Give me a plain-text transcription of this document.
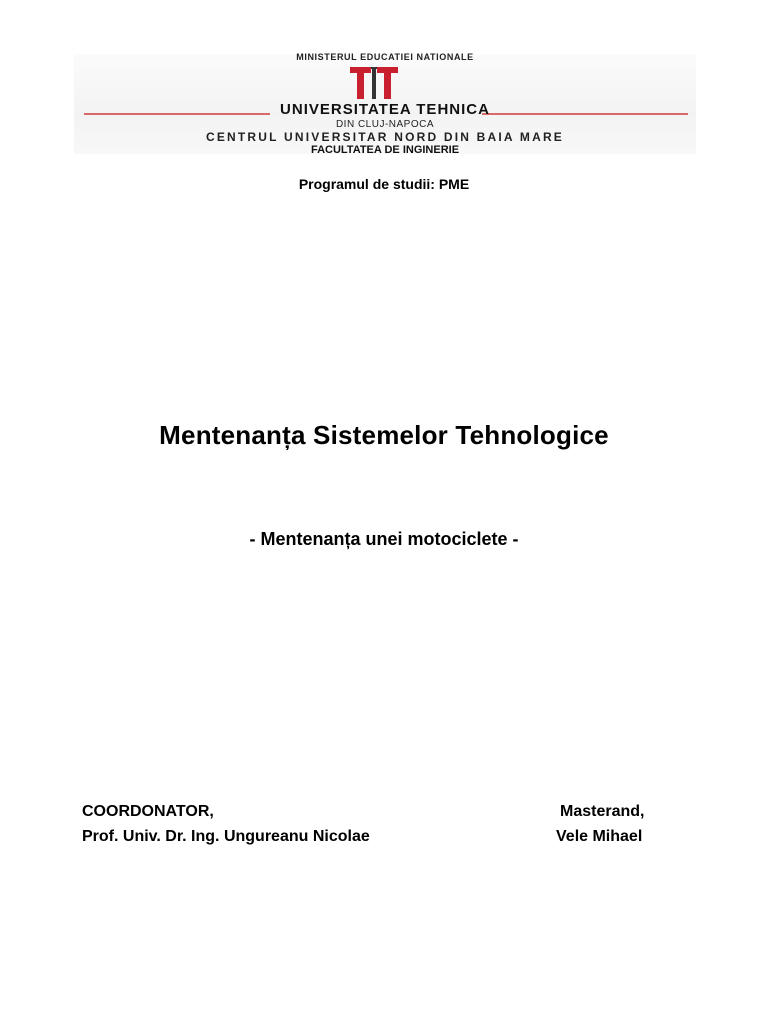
MINISTERUL EDUCATIEI NATIONALE
UNIVERSITATEA TEHNICA
DIN CLUJ-NAPOCA
CENTRUL UNIVERSITAR NORD DIN BAIA MARE
FACULTATEA DE INGINERIE
Programul de studii: PME
Mentenanța Sistemelor Tehnologice
- Mentenanța unei motociclete -
COORDONATOR,
Prof. Univ. Dr. Ing. Ungureanu Nicolae
Masterand,
Vele Mihael
